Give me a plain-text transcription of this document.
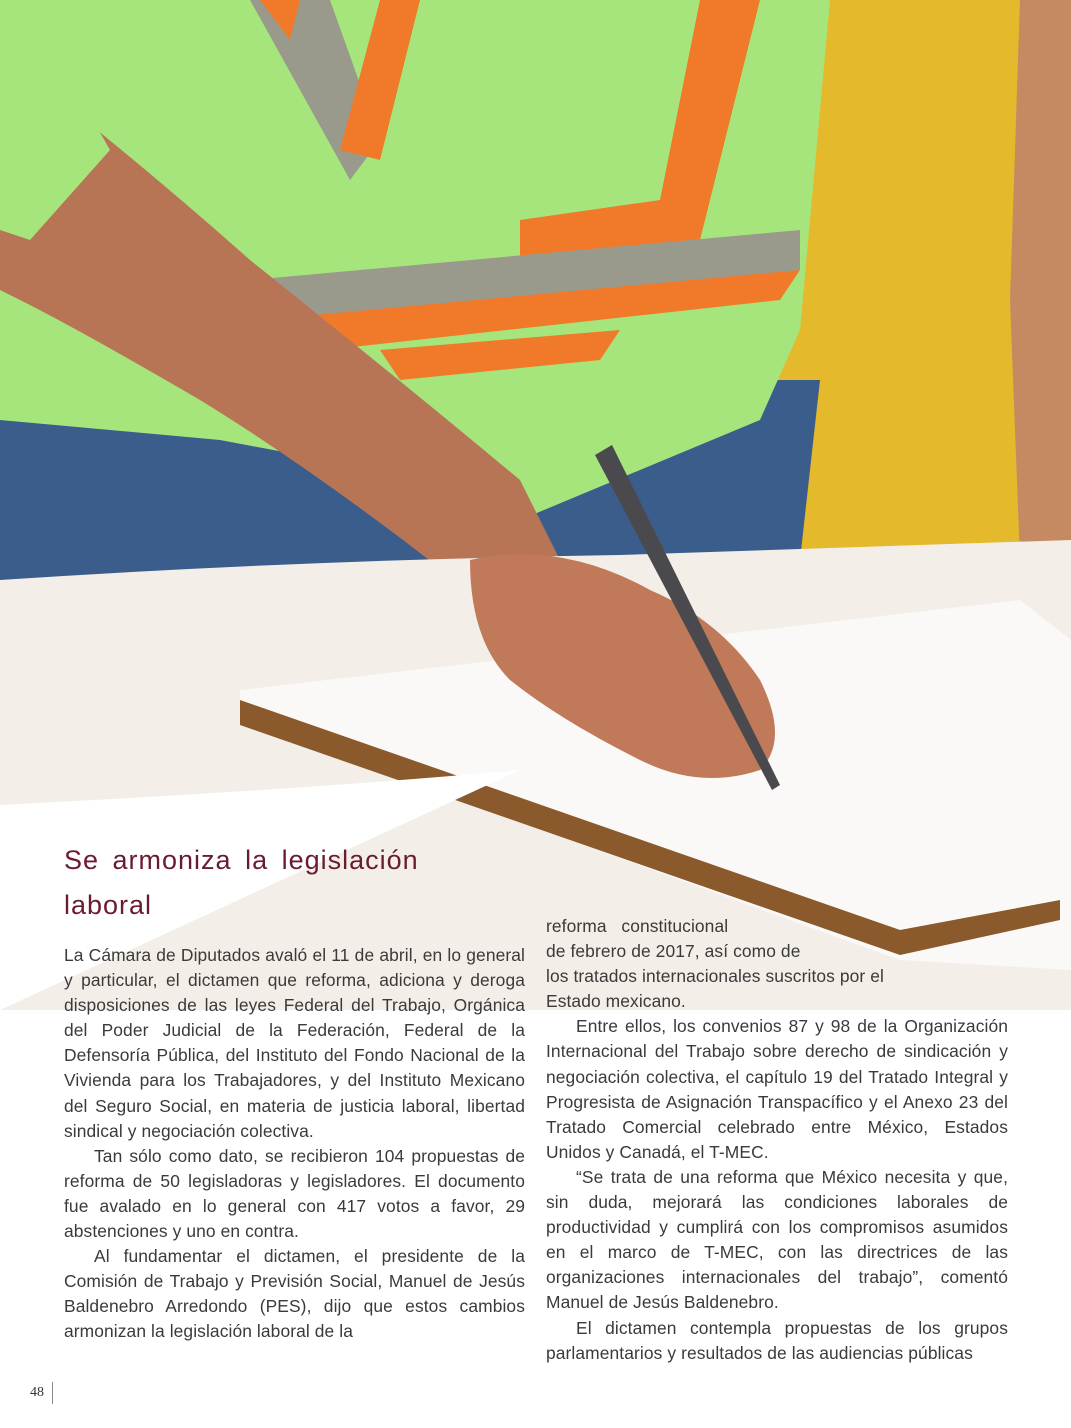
Se armoniza la legislación laboral

La Cámara de Diputados avaló el 11 de abril, en lo general y particular, el dictamen que reforma, adiciona y deroga disposiciones de las leyes Federal del Trabajo, Orgánica del Poder Judicial de la Federación, Federal de la Defensoría Pública, del Instituto del Fondo Nacional de la Vivienda para los Trabajadores, y del Instituto Mexicano del Seguro Social, en materia de justicia laboral, libertad sindical y negociación colectiva.

Tan sólo como dato, se recibieron 104 propuestas de reforma de 50 legisladoras y legisladores. El documento fue avalado en lo general con 417 votos a favor, 29 abstenciones y uno en contra.

Al fundamentar el dictamen, el presidente de la Comisión de Trabajo y Previsión Social, Manuel de Jesús Baldenebro Arredondo (PES), dijo que estos cambios armonizan la legislación laboral de la

reforma   constitucional

de febrero de 2017, así como de

los tratados internacionales suscritos por el

Estado mexicano.

Entre ellos, los convenios 87 y 98 de la Organización Internacional del Trabajo sobre derecho de sindicación y negociación colectiva, el capítulo 19 del Tratado Integral y Progresista de Asignación Transpacífico y el Anexo 23 del Tratado Comercial celebrado entre México, Estados Unidos y Canadá, el T-MEC.

“Se trata de una reforma que México necesita y que, sin duda, mejorará las condiciones laborales de productividad y cumplirá con los compromisos asumidos en el marco de T-MEC, con las directrices de las organizaciones internacionales del trabajo”, comentó Manuel de Jesús Baldenebro.

El dictamen contempla propuestas de los grupos parlamentarios y resultados de las audiencias públicas

48
